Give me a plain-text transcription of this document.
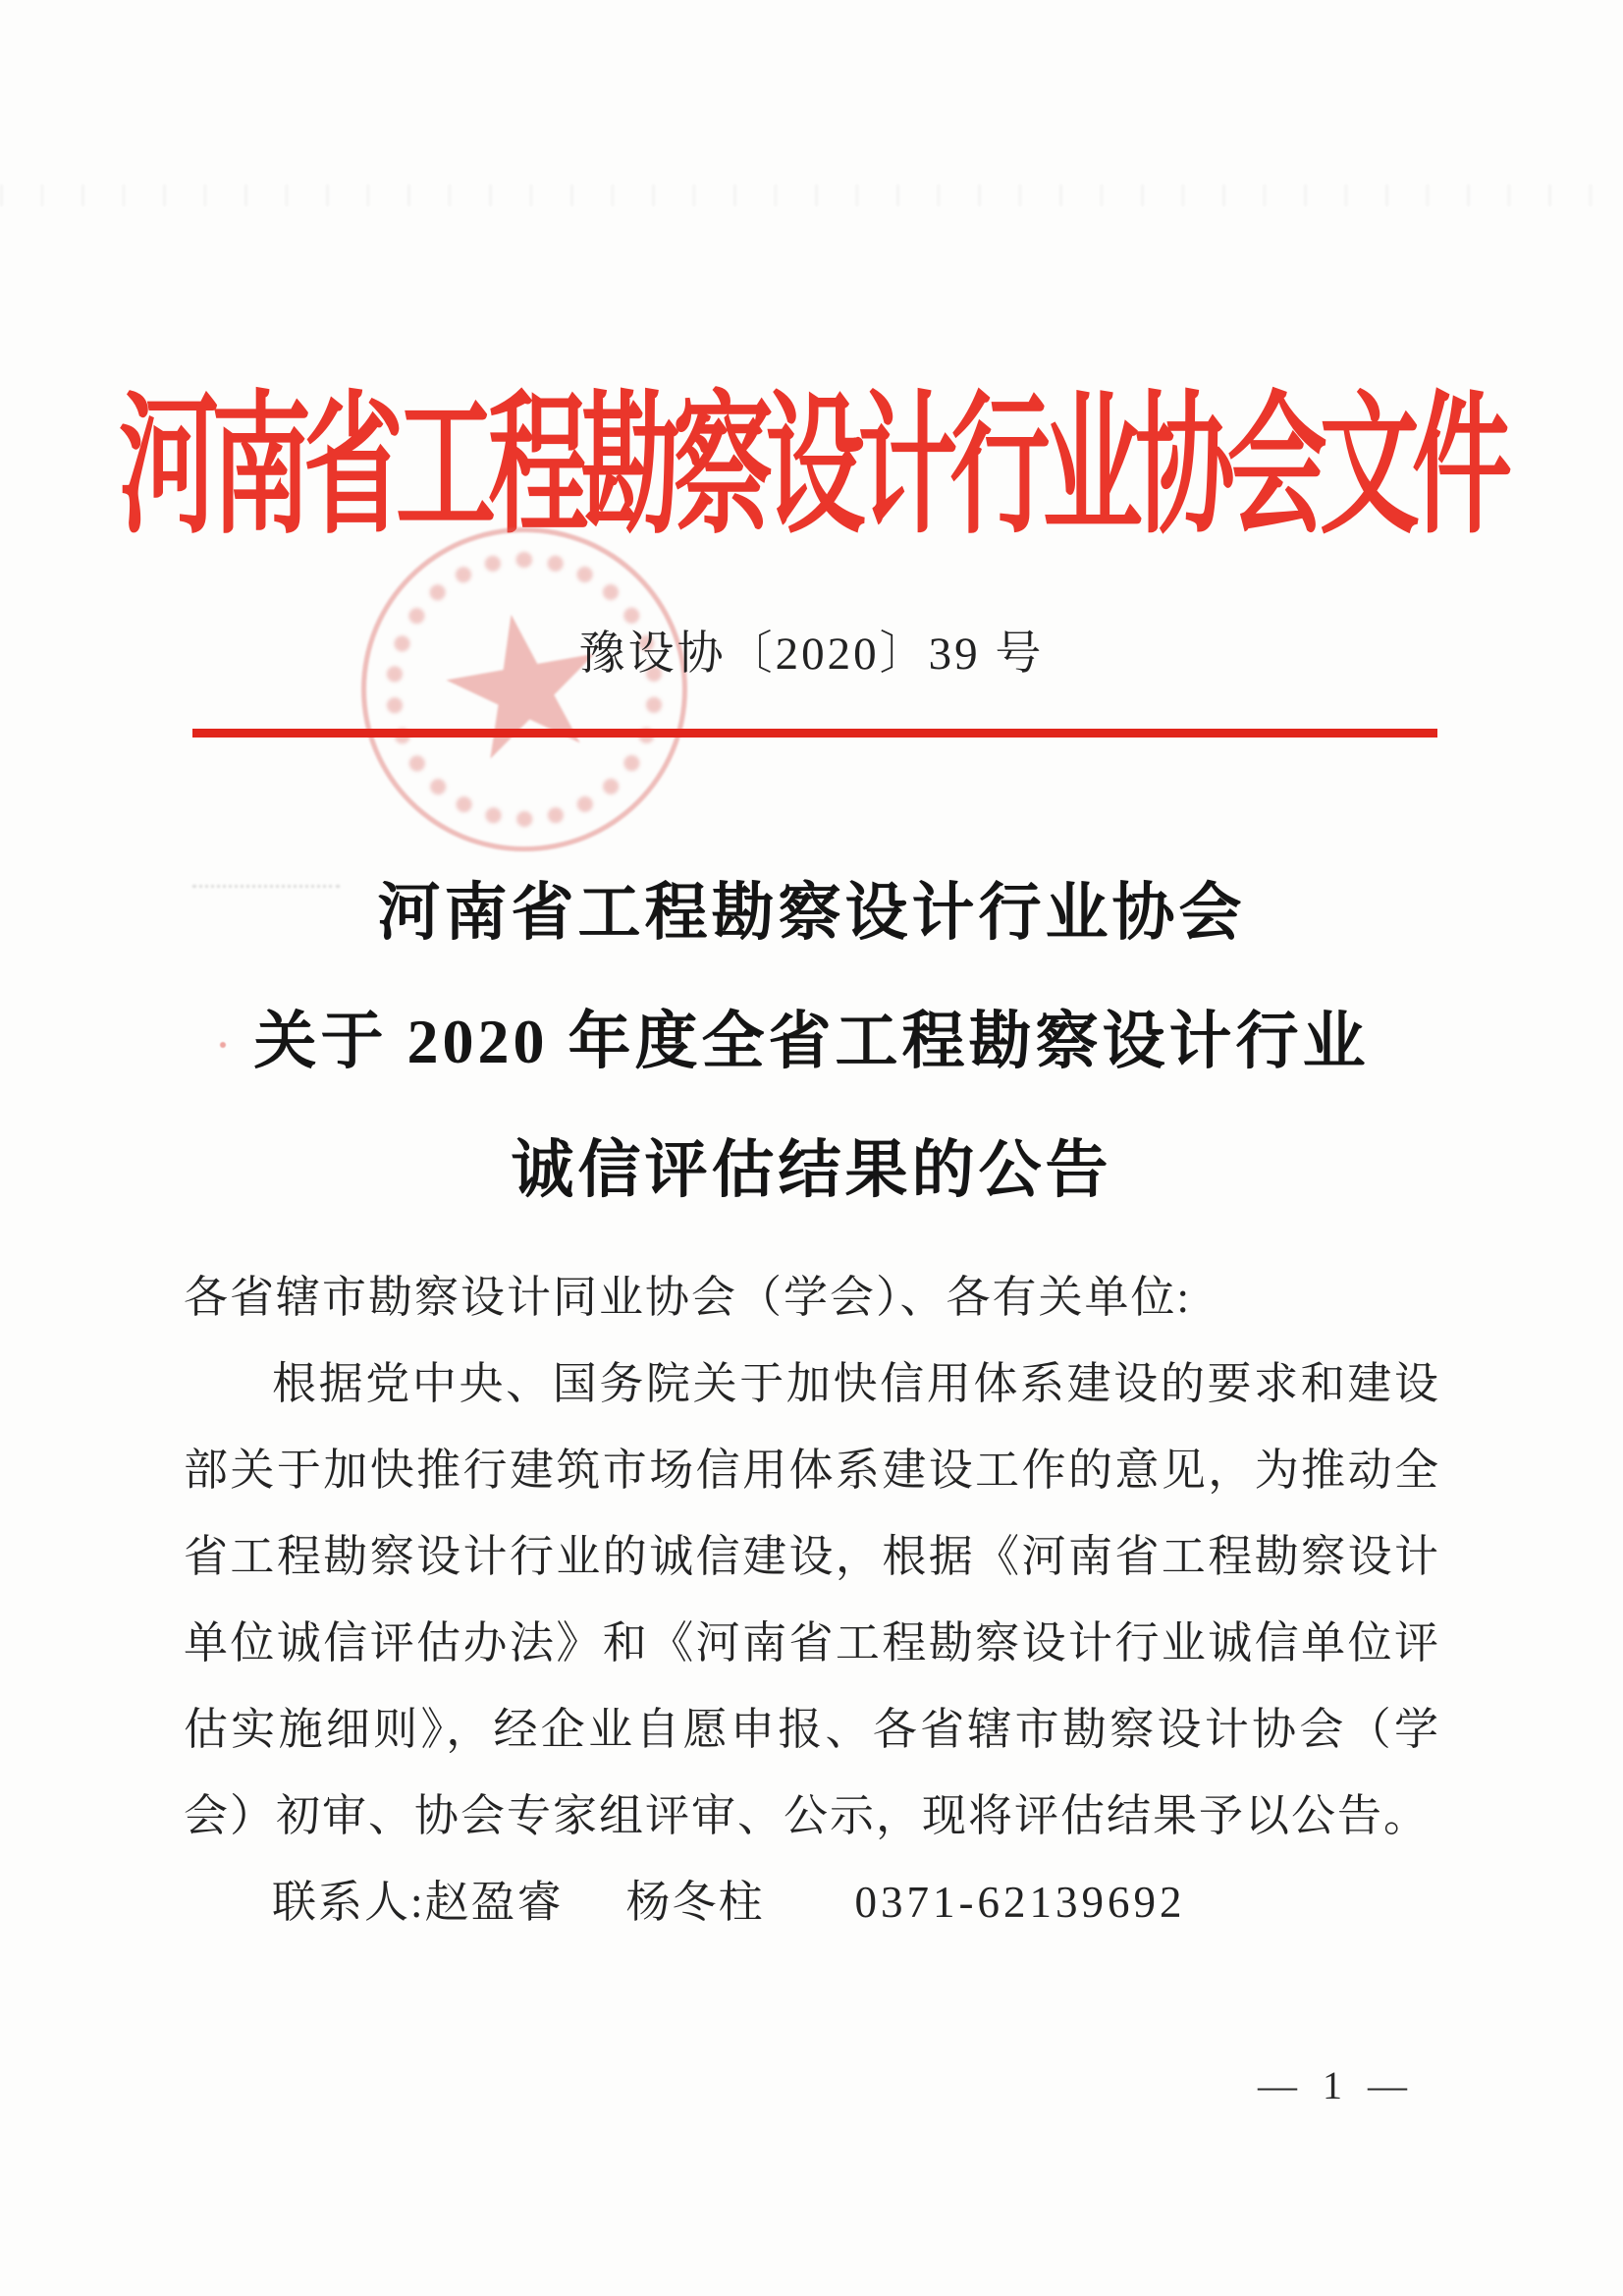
河南省工程勘察设计行业协会文件
豫设协〔2020〕39 号
河南省工程勘察设计行业协会
关于 2020 年度全省工程勘察设计行业
诚信评估结果的公告
各省辖市勘察设计同业协会（学会）、各有关单位:
根据党中央、国务院关于加快信用体系建设的要求和建设
部关于加快推行建筑市场信用体系建设工作的意见，为推动全
省工程勘察设计行业的诚信建设，根据《河南省工程勘察设计
单位诚信评估办法》和《河南省工程勘察设计行业诚信单位评
估实施细则》，经企业自愿申报、各省辖市勘察设计协会（学
会）初审、协会专家组评审、公示，现将评估结果予以公告。
联系人:赵盈睿 杨冬柱 0371-62139692
— 1 —
